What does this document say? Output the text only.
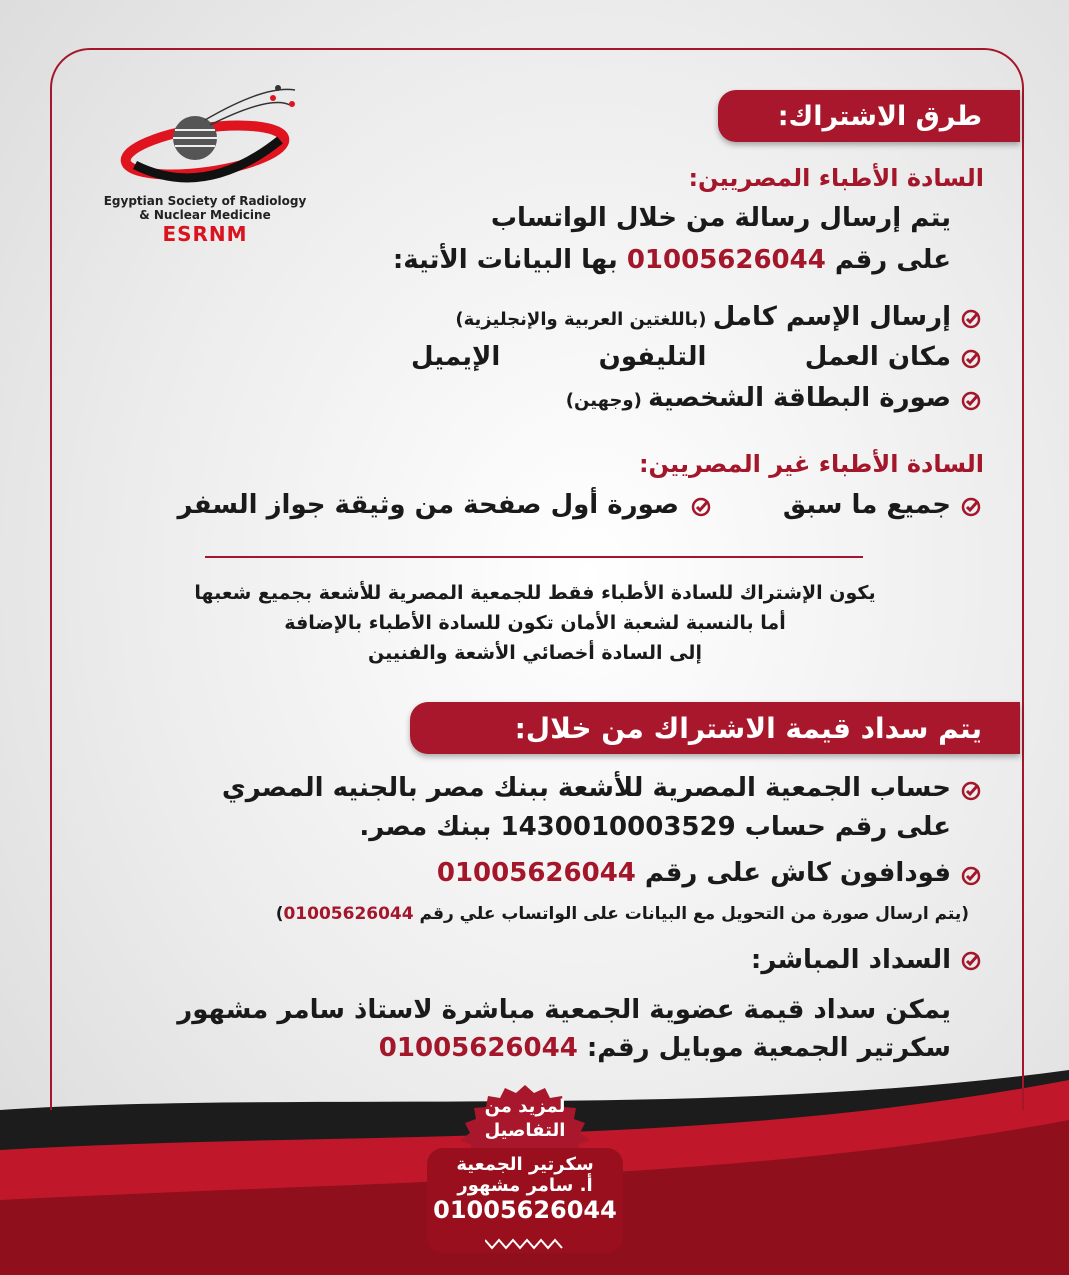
Egyptian Society of Radiology
& Nuclear Medicine
ESRNM
طرق الاشتراك:
السادة الأطباء المصريين:
يتم إرسال رسالة من خلال الواتساب
على رقم 01005626044 بها البيانات الأتية:
إرسال الإسم كامل (باللغتين العربية والإنجليزية)
مكان العمل
التليفون
الإيميل
صورة البطاقة الشخصية (وجهين)
السادة الأطباء غير المصريين:
جميع ما سبق
صورة أول صفحة من وثيقة جواز السفر
يكون الإشتراك للسادة الأطباء فقط للجمعية المصرية للأشعة بجميع شعبها
أما بالنسبة لشعبة الأمان تكون للسادة الأطباء بالإضافة
إلى السادة أخصائي الأشعة والفنيين
يتم سداد قيمة الاشتراك من خلال:
حساب الجمعية المصرية للأشعة ببنك مصر بالجنيه المصري
على رقم حساب 1430010003529 ببنك مصر.
فودافون كاش على رقم 01005626044
(يتم ارسال صورة من التحويل مع البيانات على الواتساب علي رقم 01005626044)
السداد المباشر:
يمكن سداد قيمة عضوية الجمعية مباشرة لاستاذ سامر مشهور
سكرتير الجمعية موبايل رقم: 01005626044
لمزيد من
التفاصيل
سكرتير الجمعية
أ. سامر مشهور
01005626044
